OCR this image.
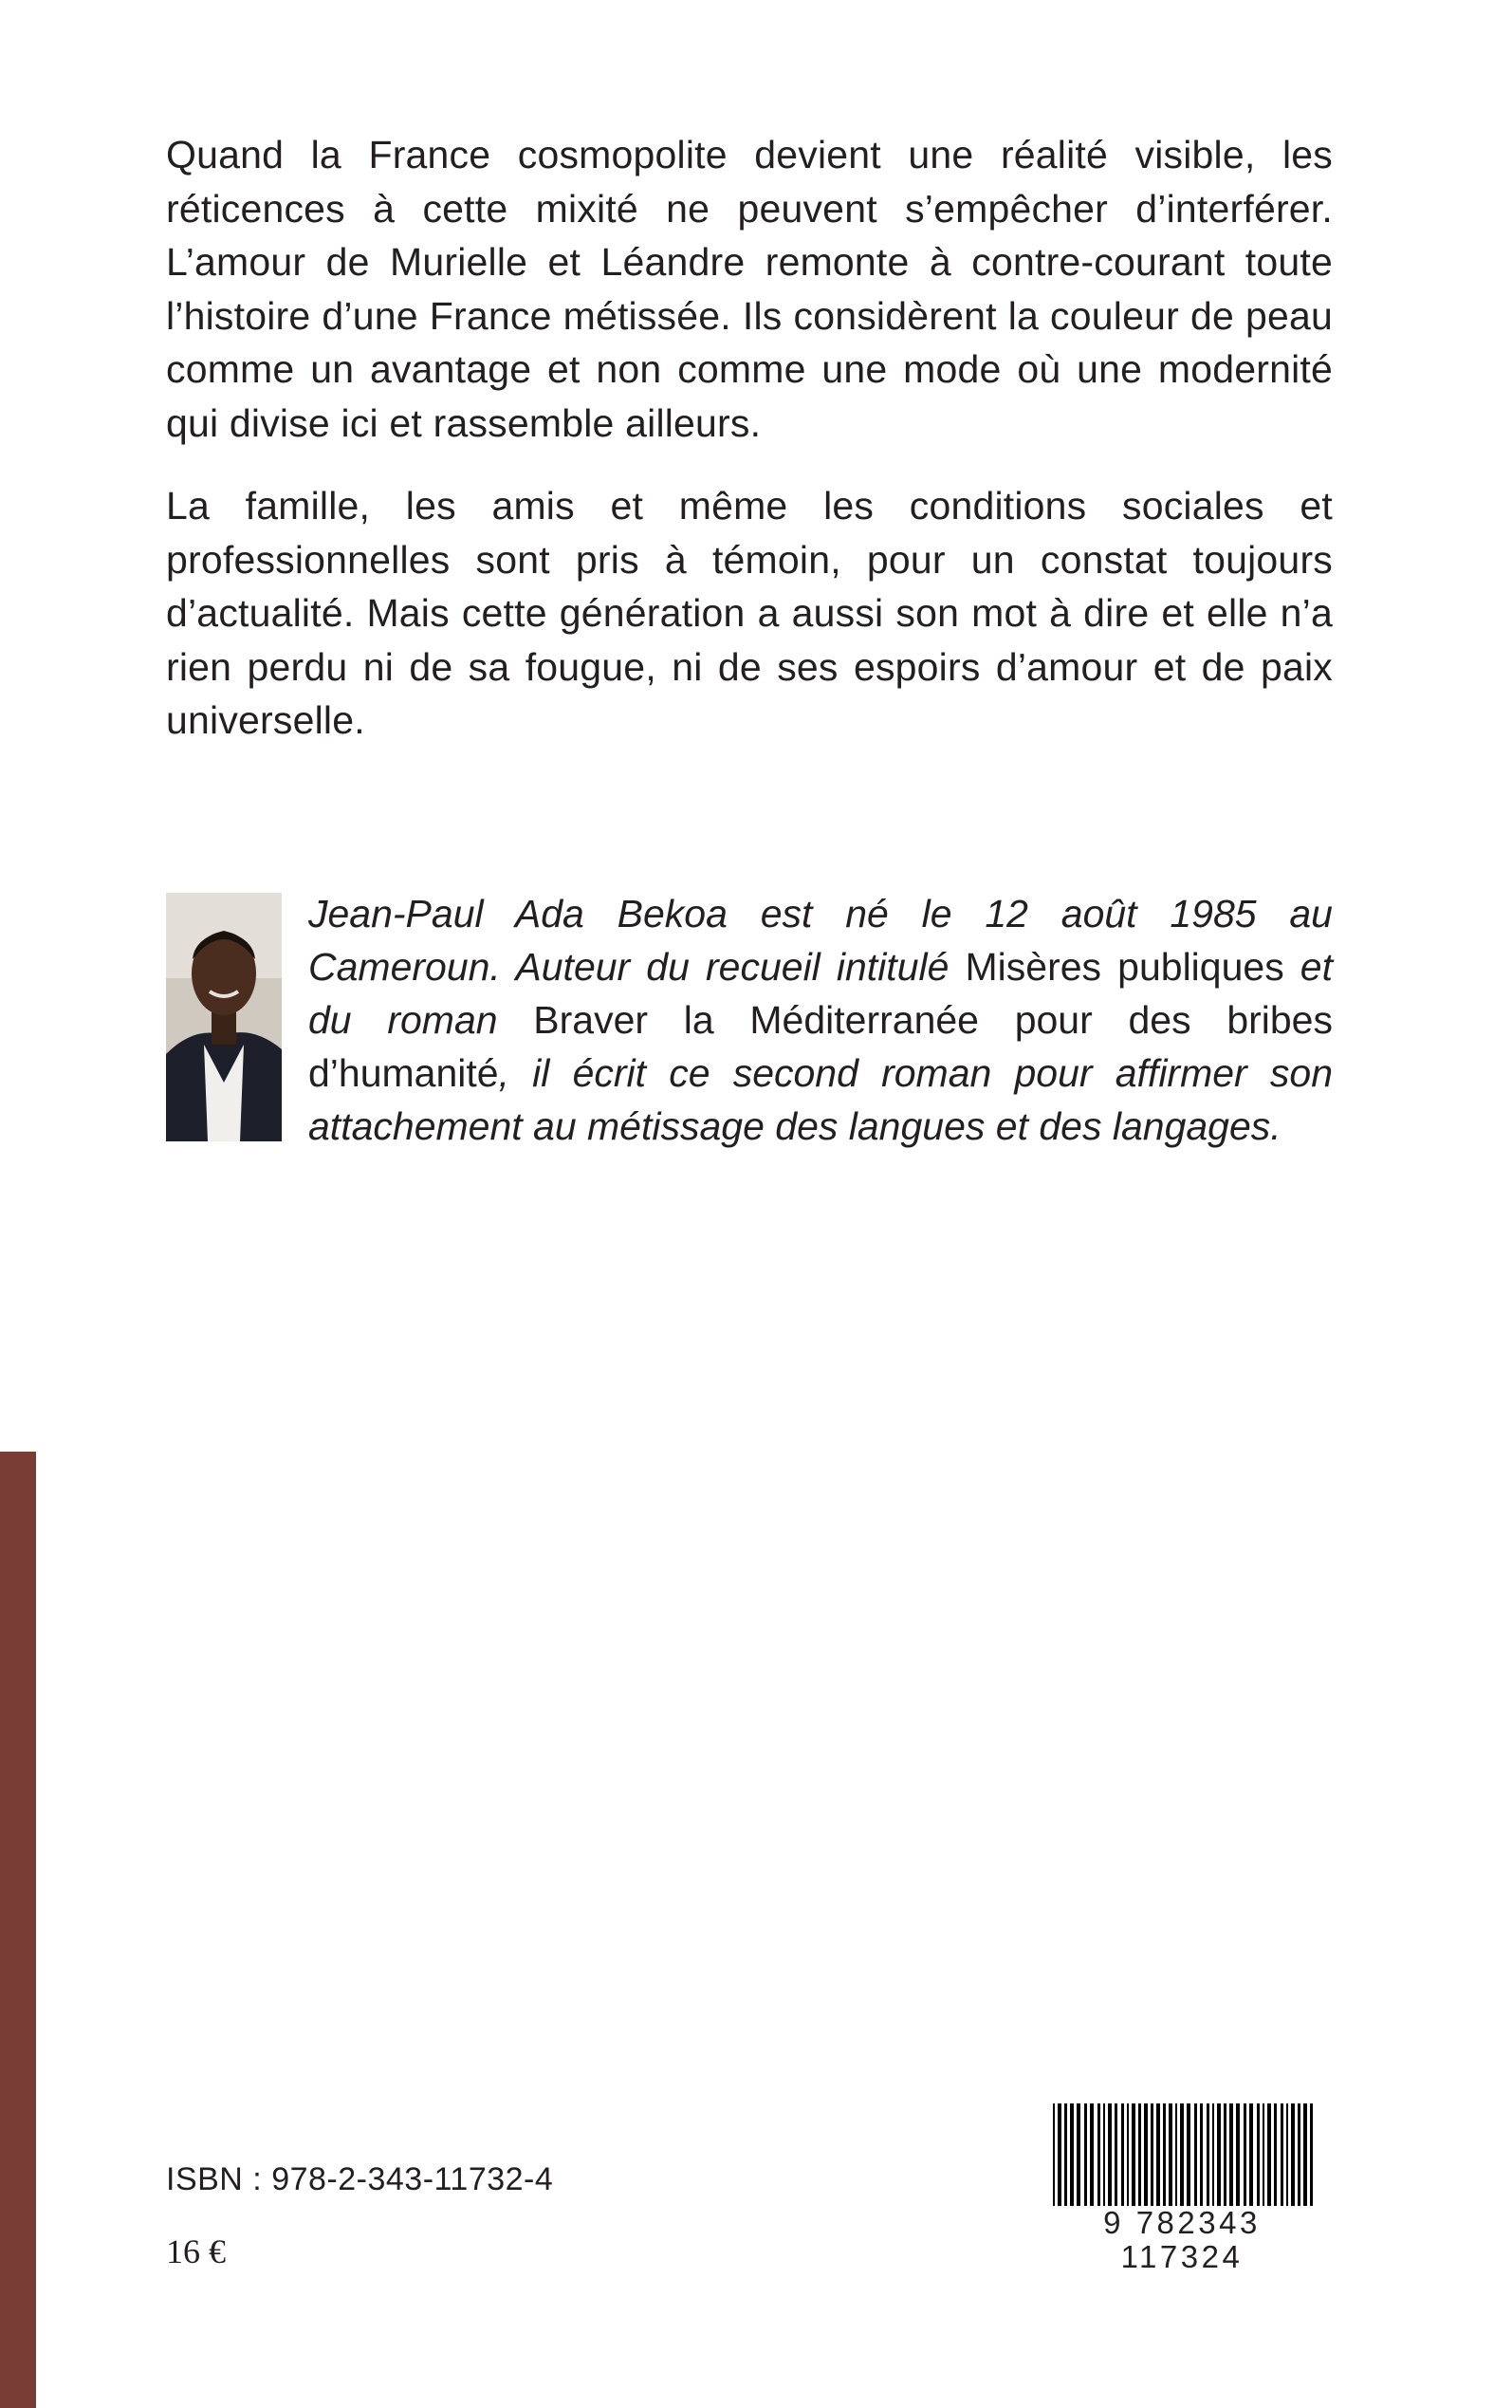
Quand la France cosmopolite devient une réalité visible, les réticences à cette mixité ne peuvent s’empêcher d’interférer. L’amour de Murielle et Léandre remonte à contre-courant toute l’histoire d’une France métissée. Ils considèrent la couleur de peau comme un avantage et non comme une mode où une modernité qui divise ici et rassemble ailleurs.

La famille, les amis et même les conditions sociales et professionnelles sont pris à témoin, pour un constat toujours d’actualité. Mais cette génération a aussi son mot à dire et elle n’a rien perdu ni de sa fougue, ni de ses espoirs d’amour et de paix universelle.

Jean-Paul Ada Bekoa est né le 12 août 1985 au Cameroun. Auteur du recueil intitulé Misères publiques et du roman Braver la Méditerranée pour des bribes d’humanité, il écrit ce second roman pour affirmer son attachement au métissage des langues et des langages.
ISBN : 978-2-343-11732-4
16 €
9 782343 117324
